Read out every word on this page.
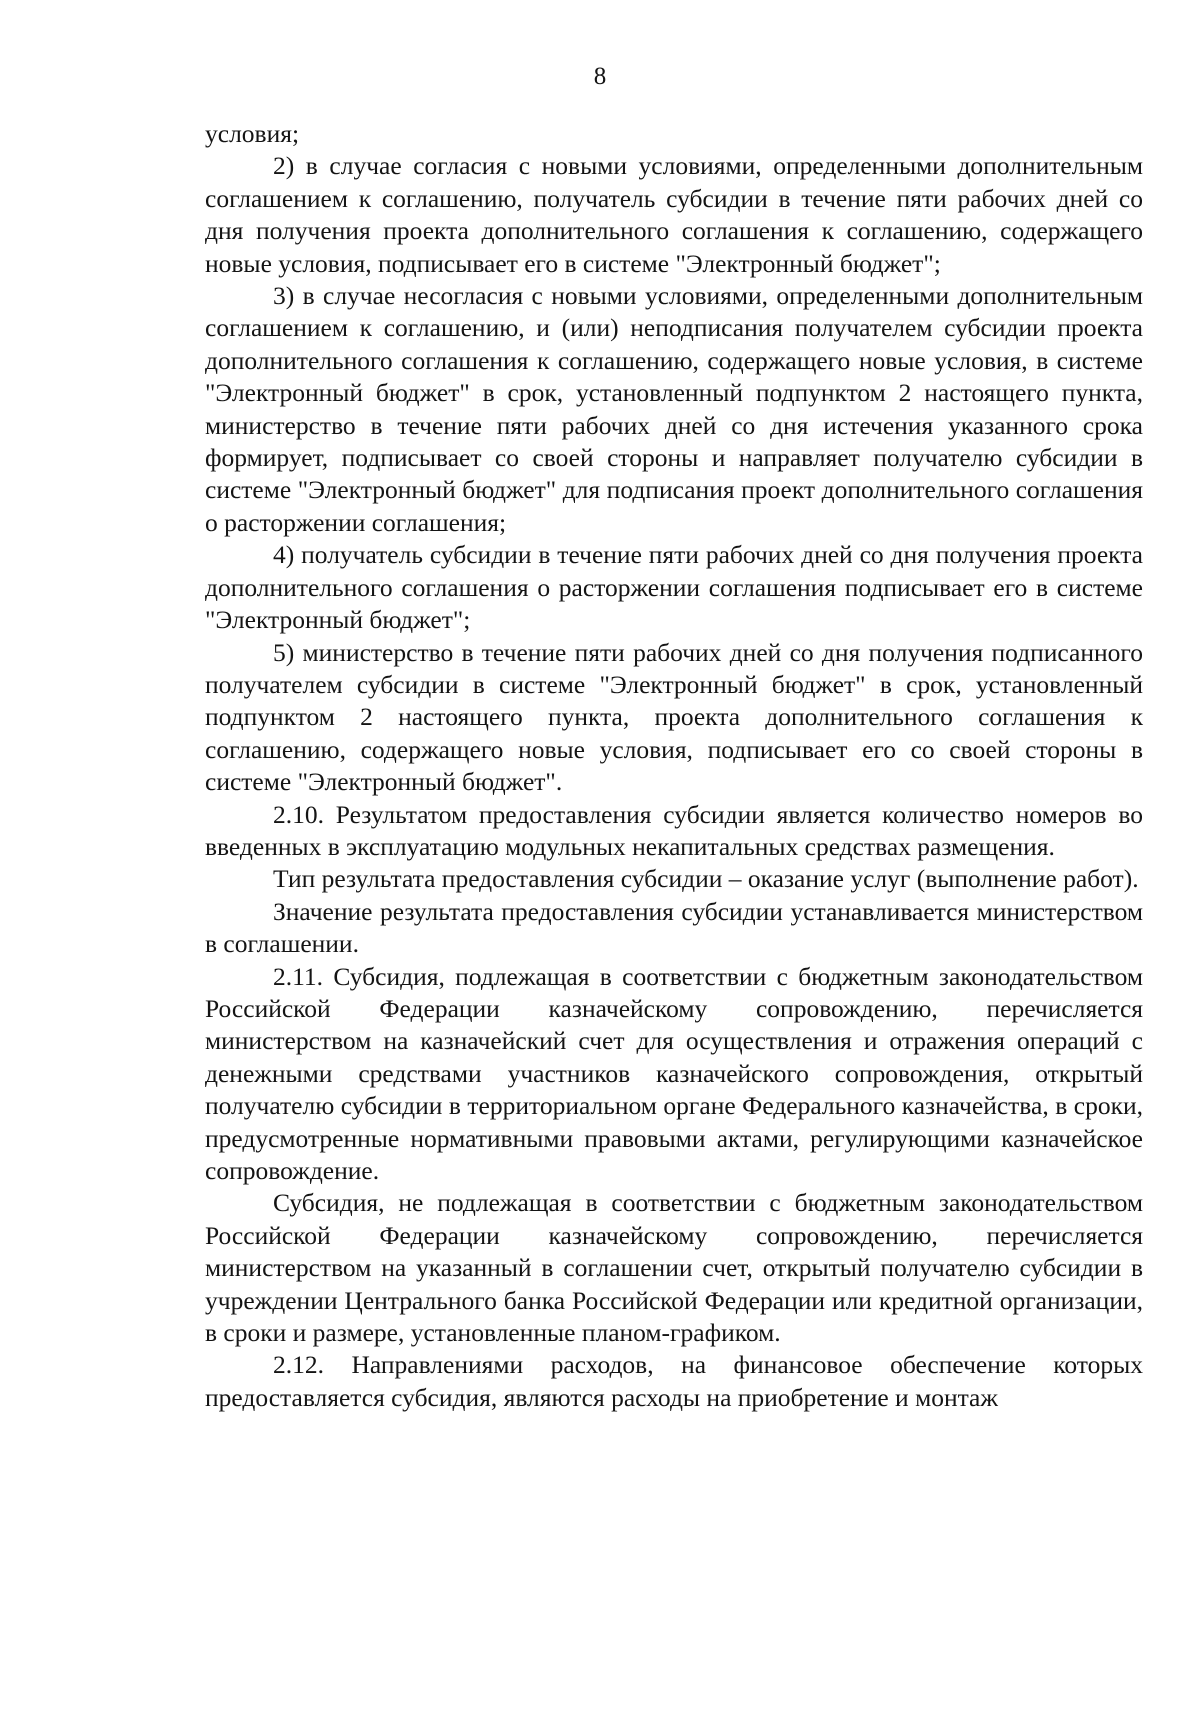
8

условия;

2) в случае согласия с новыми условиями, определенными дополнительным соглашением к соглашению, получатель субсидии в течение пяти рабочих дней со дня получения проекта дополнительного соглашения к соглашению, содержащего новые условия, подписывает его в системе "Электронный бюджет";

3) в случае несогласия с новыми условиями, определенными дополнительным соглашением к соглашению, и (или) неподписания получателем субсидии проекта дополнительного соглашения к соглашению, содержащего новые условия, в системе "Электронный бюджет" в срок, установленный подпунктом 2 настоящего пункта, министерство в течение пяти рабочих дней со дня истечения указанного срока формирует, подписывает со своей стороны и направляет получателю субсидии в системе "Электронный бюджет" для подписания проект дополнительного соглашения о расторжении соглашения;

4) получатель субсидии в течение пяти рабочих дней со дня получения проекта дополнительного соглашения о расторжении соглашения подписывает его в системе "Электронный бюджет";

5) министерство в течение пяти рабочих дней со дня получения подписанного получателем субсидии в системе "Электронный бюджет" в срок, установленный подпунктом 2 настоящего пункта, проекта дополнительного соглашения к соглашению, содержащего новые условия, подписывает его со своей стороны в системе "Электронный бюджет".

2.10. Результатом предоставления субсидии является количество номеров во введенных в эксплуатацию модульных некапитальных средствах размещения.

Тип результата предоставления субсидии – оказание услуг (выполнение работ).

Значение результата предоставления субсидии устанавливается министерством в соглашении.

2.11. Субсидия, подлежащая в соответствии с бюджетным законодательством Российской Федерации казначейскому сопровождению, перечисляется министерством на казначейский счет для осуществления и отражения операций с денежными средствами участников казначейского сопровождения, открытый получателю субсидии в территориальном органе Федерального казначейства, в сроки, предусмотренные нормативными правовыми актами, регулирующими казначейское сопровождение.

Субсидия, не подлежащая в соответствии с бюджетным законодательством Российской Федерации казначейскому сопровождению, перечисляется министерством на указанный в соглашении счет, открытый получателю субсидии в учреждении Центрального банка Российской Федерации или кредитной организации, в сроки и размере, установленные планом-графиком.

2.12. Направлениями расходов, на финансовое обеспечение которых предоставляется субсидия, являются расходы на приобретение и монтаж
